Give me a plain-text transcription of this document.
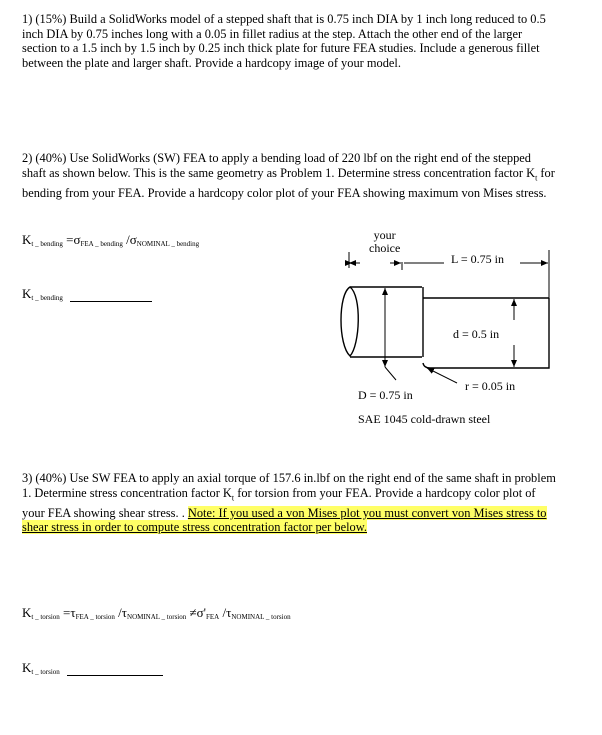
1) (15%) Build a SolidWorks model of a stepped shaft that is 0.75 inch DIA by 1 inch long reduced to 0.5 inch DIA by 0.75 inches long with a 0.05 in fillet radius at the step. Attach the other end of the larger section to a 1.5 inch by 1.5 inch by 0.25 inch thick plate for future FEA studies. Include a generous fillet between the plate and larger shaft. Provide a hardcopy image of your model.
2) (40%) Use SolidWorks (SW) FEA to apply a bending load of 220 lbf on the right end of the stepped shaft as shown below. This is the same geometry as Problem 1. Determine stress concentration factor $K_t$ for bending from your FEA. Provide a hardcopy color plot of your FEA showing maximum von Mises stress.
$K_{t \_ bending} =\sigma_{FEA \_ bending}$ $/\sigma_{NOMINAL \_ bending}$
$K_{t \_ bending}$
your
choice
L = 0.75 in
d = 0.5 in
D = 0.75 in
r = 0.05 in
SAE 1045 cold-drawn steel
3) (40%) Use SW FEA to apply an axial torque of 157.6 in.lbf on the right end of the same shaft in problem 1. Determine stress concentration factor $K_t$ for torsion from your FEA. Provide a hardcopy color plot of your FEA showing shear stress. . Note: If you used a von Mises plot you must convert von Mises stress to shear stress in order to compute stress concentration factor per below.
$K_{t \_ torsion} =\tau_{FEA \_ torsion}$ $/\tau_{NOMINAL \_ torsion} \ne\sigma'_{FEA}$ $/\tau_{NOMINAL \_ torsion}$
$K_{t \_ torsion}$
